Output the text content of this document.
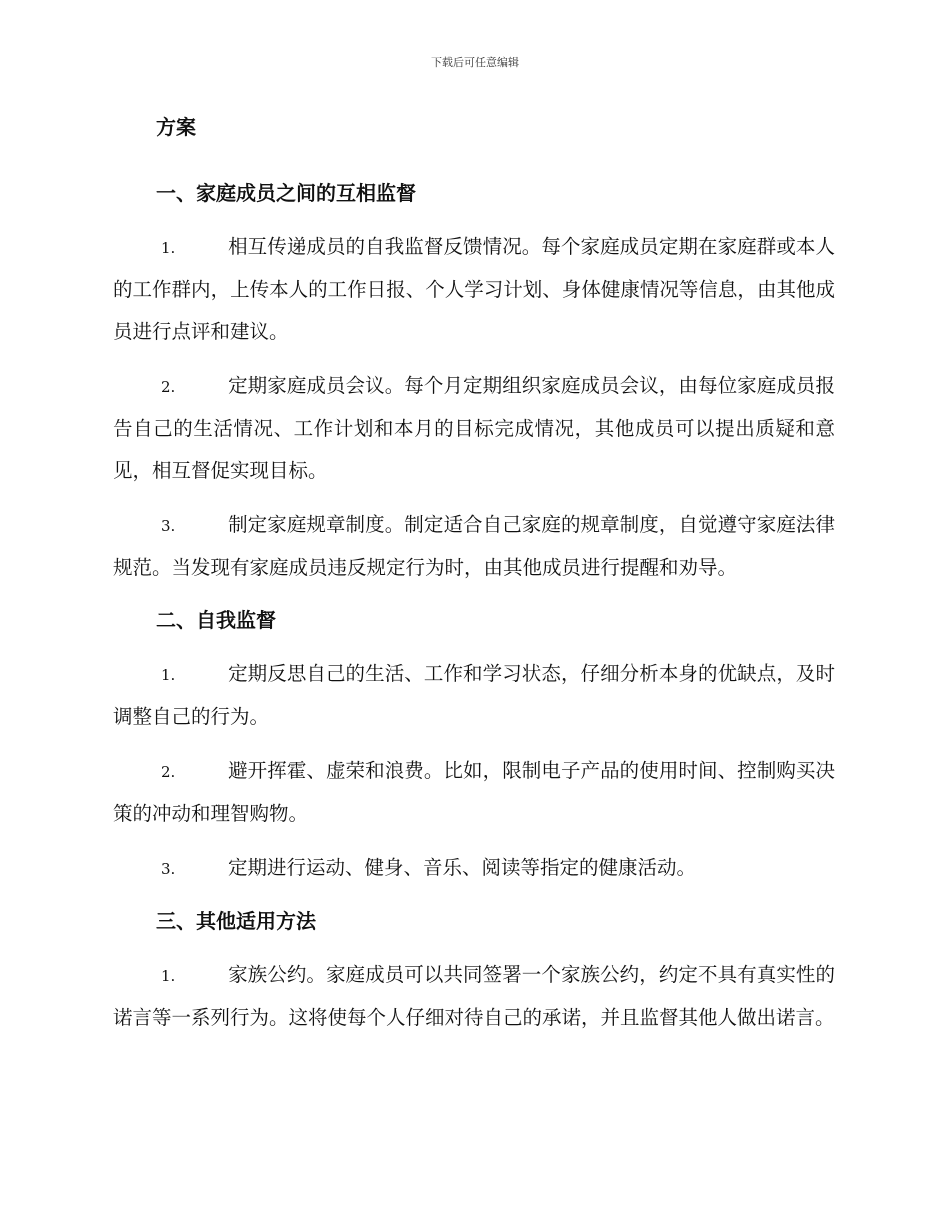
下载后可任意编辑
方案
一、家庭成员之间的互相监督

1.	相互传递成员的自我监督反馈情况。每个家庭成员定期在家庭群或本人的工作群内，上传本人的工作日报、个人学习计划、身体健康情况等信息，由其他成员进行点评和建议。

2.	定期家庭成员会议。每个月定期组织家庭成员会议，由每位家庭成员报告自己的生活情况、工作计划和本月的目标完成情况，其他成员可以提出质疑和意见，相互督促实现目标。

3.	制定家庭规章制度。制定适合自己家庭的规章制度，自觉遵守家庭法律规范。当发现有家庭成员违反规定行为时，由其他成员进行提醒和劝导。

二、自我监督

1.	定期反思自己的生活、工作和学习状态，仔细分析本身的优缺点，及时调整自己的行为。

2.	避开挥霍、虚荣和浪费。比如，限制电子产品的使用时间、控制购买决策的冲动和理智购物。

3.	定期进行运动、健身、音乐、阅读等指定的健康活动。

三、其他适用方法

1.	家族公约。家庭成员可以共同签署一个家族公约，约定不具有真实性的诺言等一系列行为。这将使每个人仔细对待自己的承诺，并且监督其他人做出诺言。
